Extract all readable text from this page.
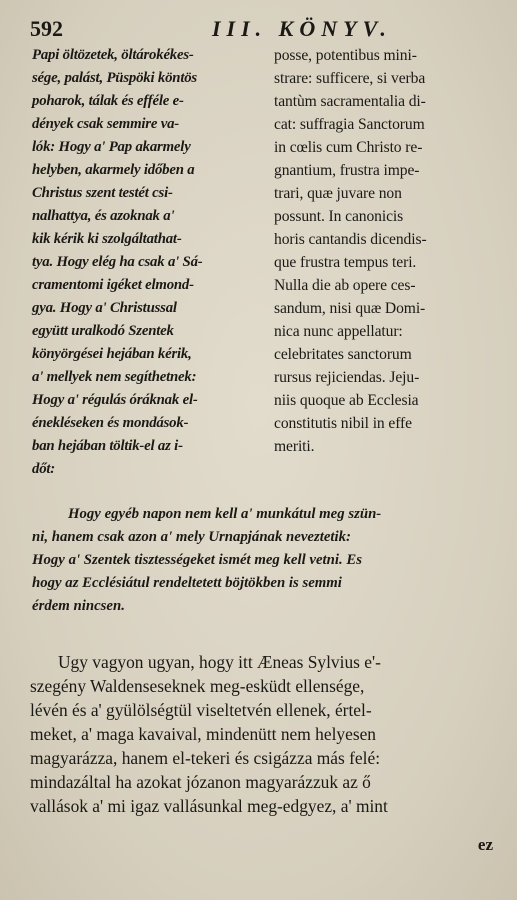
592	III. KÖNYV.
Papi öltözetek, öltárokékes-
sége, palást, Püspöki köntös
poharok, tálak és efféle e-
dények csak semmire va-
lók: Hogy a' Pap akarmely
helyben, akarmely időben a
Christus szent testét csi-
nalhattya, és azoknak a'
kik kérik ki szolgáltathat-
tya. Hogy elég ha csak a' Sá-
cramentomi igéket elmond-
gya. Hogy a' Christussal
együtt uralkodó Szentek
könyörgései hejában kérik,
a' mellyek nem segíthetnek:
Hogy a' régulás óráknak el-
énekléseken és mondások-
ban hejában töltik-el az i-
dőt:
posse, potentibus mini-
strare: sufficere, si verba
tantùm sacramentalia di-
cat: suffragia Sanctorum
in cœlis cum Christo re-
gnantium, frustra impe-
trari, quæ juvare non
possunt. In canonicis
horis cantandis dicendis-
que frustra tempus teri.
Nulla die ab opere ces-
sandum, nisi quæ Domi-
nica nunc appellatur:
celebritates sanctorum
rursus rejiciendas. Jeju-
niis quoque ab Ecclesia
constitutis nibil in effe
meriti.
Hogy egyéb napon nem kell a' munkátul meg szün-
ni, hanem csak azon a' mely Urnapjának neveztetik:
Hogy a' Szentek tisztességeket ismét meg kell vetni. Es
hogy az Ecclésiátul rendeltetett böjtökben is semmi
érdem nincsen.
Ugy vagyon ugyan, hogy itt Æneas Sylvius e'-
szegény Waldenseseknek meg-esküdt ellensége,
lévén és a' gyülölségtül viseltetvén ellenek, értel-
meket, a' maga kavaival, mindenütt nem helyesen
magyarázza, hanem el-tekeri és csigázza más felé:
mindazáltal ha azokat józanon magyarázzuk az ő
vallások a' mi igaz vallásunkal meg-edgyez, a' mint
ez
